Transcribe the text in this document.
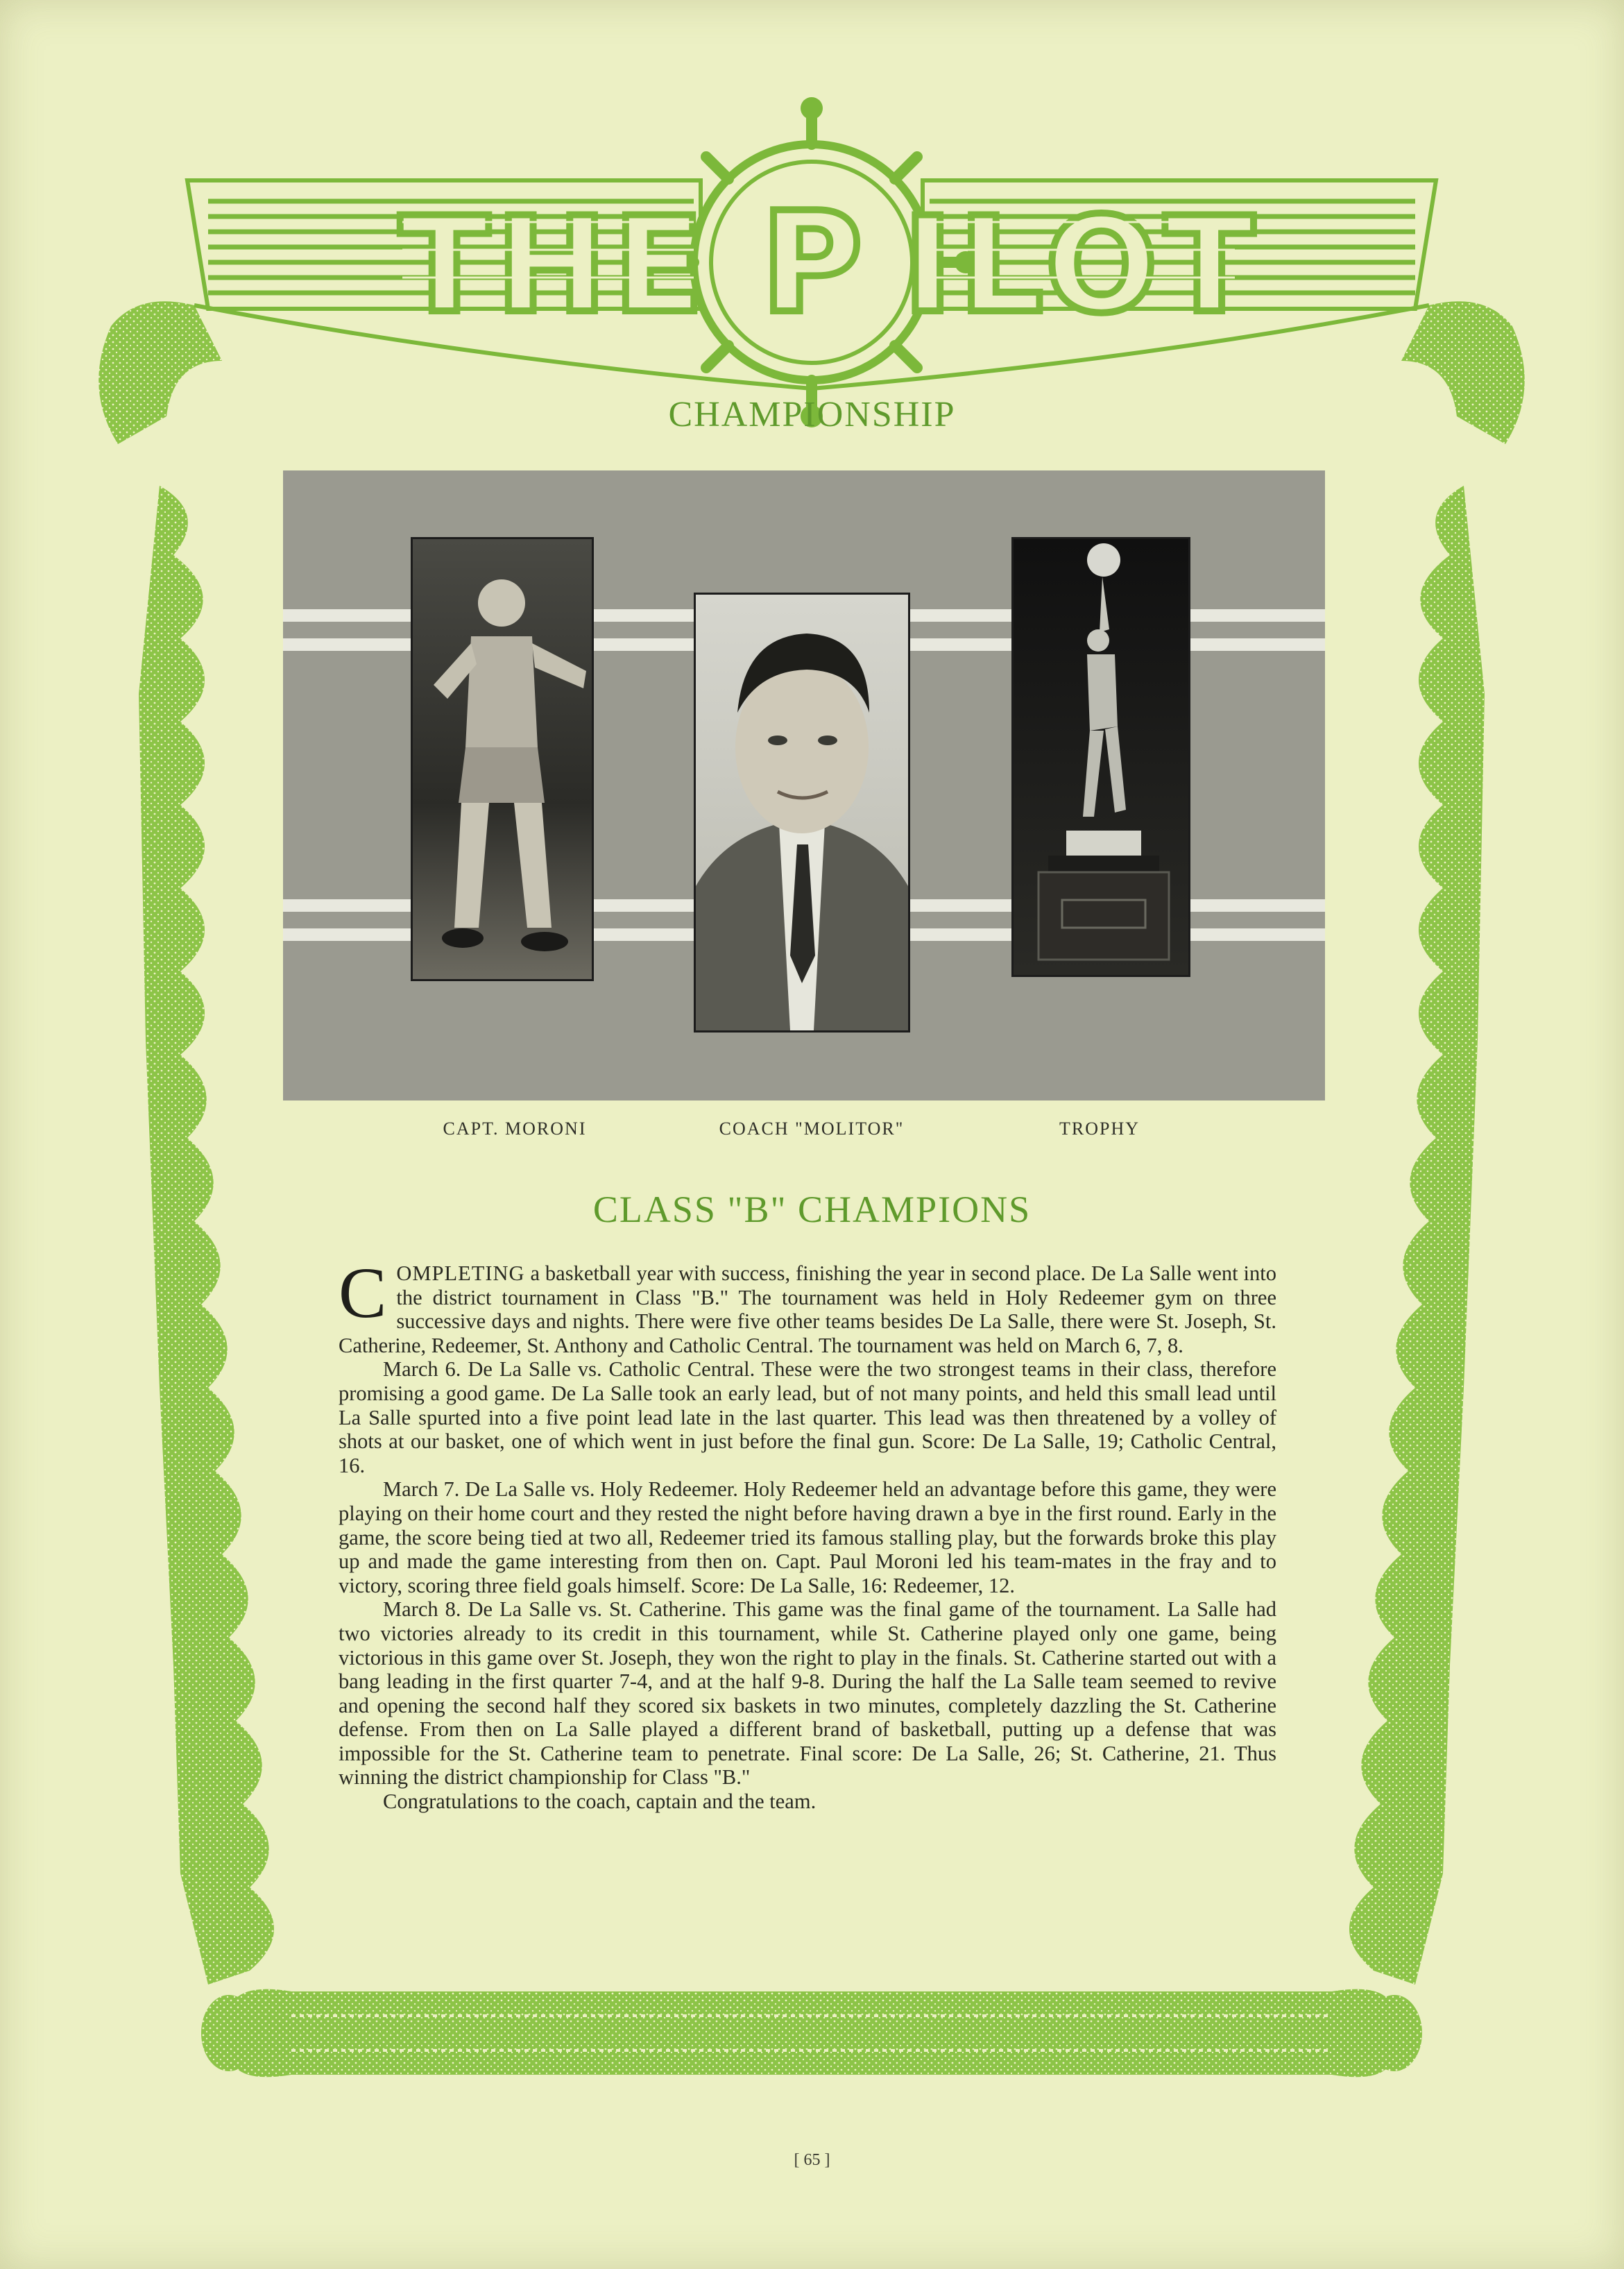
THE P ILOT
CHAMPIONSHIP
CAPT. MORONI	COACH "MOLITOR"	TROPHY
CLASS "B" CHAMPIONS

COMPLETING a basketball year with success, finishing the year in second place. De La Salle went into the district tournament in Class "B." The tournament was held in Holy Redeemer gym on three successive days and nights. There were five other teams besides De La Salle, there were St. Joseph, St. Catherine, Redeemer, St. Anthony and Catholic Central. The tournament was held on March 6, 7, 8.

March 6. De La Salle vs. Catholic Central. These were the two strongest teams in their class, therefore promising a good game. De La Salle took an early lead, but of not many points, and held this small lead until La Salle spurted into a five point lead late in the last quarter. This lead was then threatened by a volley of shots at our basket, one of which went in just before the final gun. Score: De La Salle, 19; Catholic Central, 16.

March 7. De La Salle vs. Holy Redeemer. Holy Redeemer held an advantage before this game, they were playing on their home court and they rested the night before having drawn a bye in the first round. Early in the game, the score being tied at two all, Redeemer tried its famous stalling play, but the forwards broke this play up and made the game interesting from then on. Capt. Paul Moroni led his team-mates in the fray and to victory, scoring three field goals himself. Score: De La Salle, 16: Redeemer, 12.

March 8. De La Salle vs. St. Catherine. This game was the final game of the tournament. La Salle had two victories already to its credit in this tournament, while St. Catherine played only one game, being victorious in this game over St. Joseph, they won the right to play in the finals. St. Catherine started out with a bang leading in the first quarter 7-4, and at the half 9-8. During the half the La Salle team seemed to revive and opening the second half they scored six baskets in two minutes, completely dazzling the St. Catherine defense. From then on La Salle played a different brand of basketball, putting up a defense that was impossible for the St. Catherine team to penetrate. Final score: De La Salle, 26; St. Catherine, 21. Thus winning the district championship for Class "B."

Congratulations to the coach, captain and the team.

[ 65 ]
